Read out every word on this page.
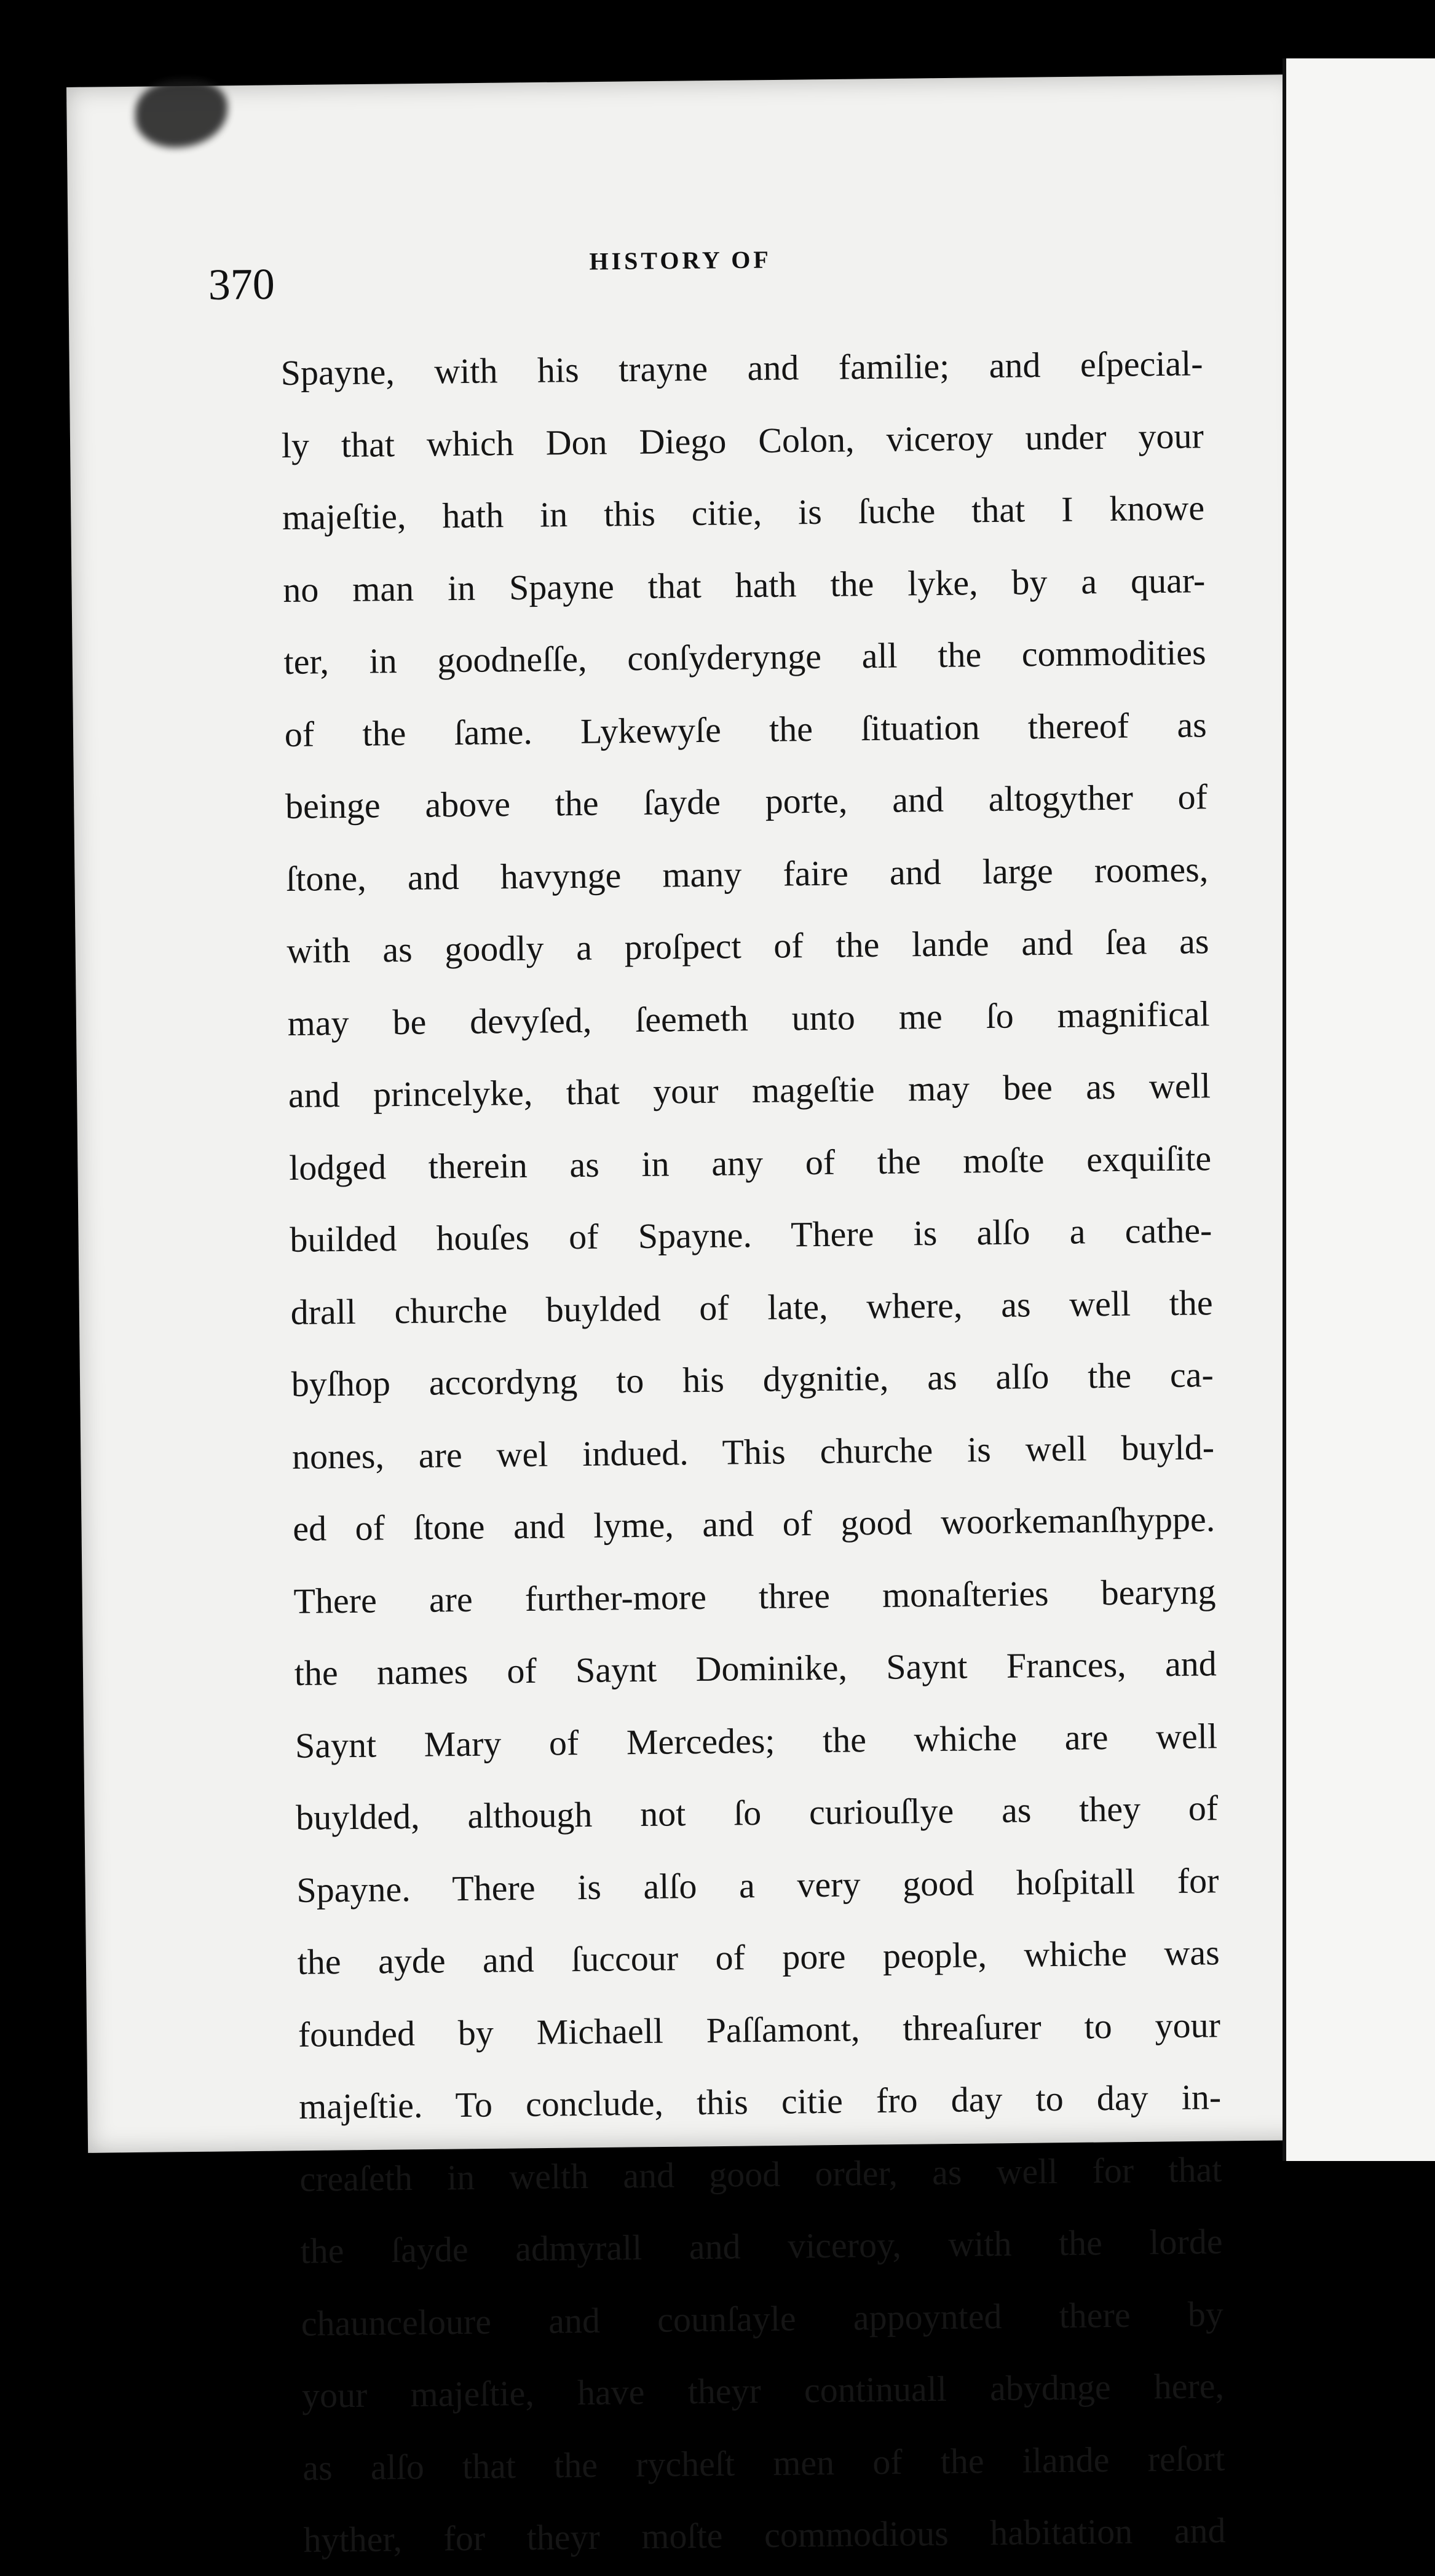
370	HISTORY OF
Spayne, with his trayne and familie; and eſpecial-
ly that which Don Diego Colon, viceroy under your
majeſtie, hath in this citie, is ſuche that I knowe
no man in Spayne that hath the lyke, by a quar-
ter, in goodneſſe, conſyderynge all the commodities
of the ſame. Lykewyſe the ſituation thereof as
beinge above the ſayde porte, and altogyther of
ſtone, and havynge many faire and large roomes,
with as goodly a proſpect of the lande and ſea as
may be devyſed, ſeemeth unto me ſo magnifical
and princelyke, that your mageſtie may bee as well
lodged therein as in any of the moſte exquiſite
builded houſes of Spayne. There is alſo a cathe-
drall churche buylded of late, where, as well the
byſhop accordyng to his dygnitie, as alſo the ca-
nones, are wel indued. This churche is well buyld-
ed of ſtone and lyme, and of good woorkemanſhyppe.
There are further-more three monaſteries bearyng
the names of Saynt Dominike, Saynt Frances, and
Saynt Mary of Mercedes; the whiche are well
buylded, although not ſo curiouſlye as they of
Spayne. There is alſo a very good hoſpitall for
the ayde and ſuccour of pore people, whiche was
founded by Michaell Paſſamont, threaſurer to your
majeſtie. To conclude, this citie fro day to day in-
creaſeth in welth and good order, as well for that
the ſayde admyrall and viceroy, with the lorde
chaunceloure and counſayle appoynted there by
your majeſtie, have theyr continuall abydnge here,
as alſo that the rycheſt men of the ilande reſort
hyther, for theyr moſte commodious habitation and
